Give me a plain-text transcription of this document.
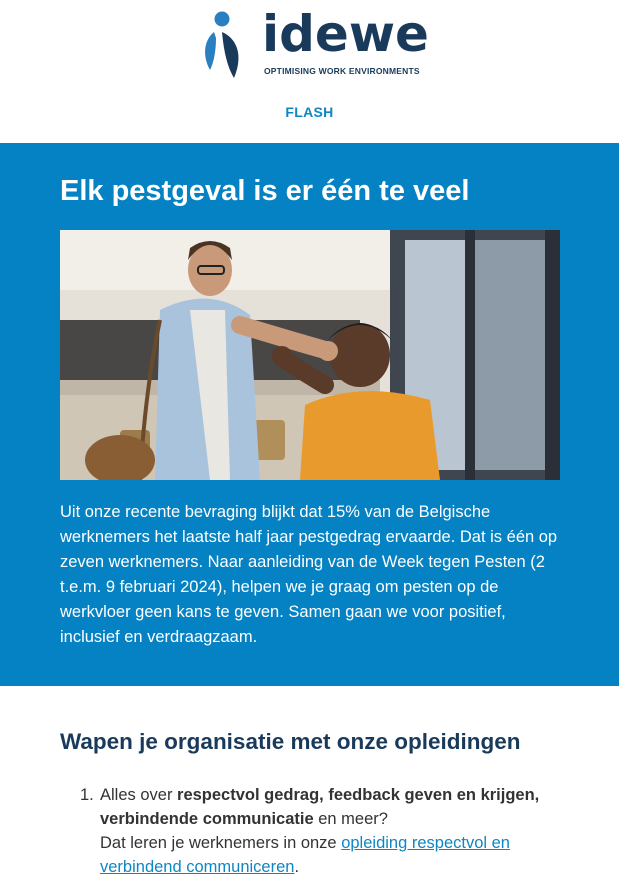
idewe
OPTIMISING WORK ENVIRONMENTS
FLASH
Elk pestgeval is er één te veel

Uit onze recente bevraging blijkt dat 15% van de Belgische werknemers het laatste half jaar pestgedrag ervaarde. Dat is één op zeven werknemers. Naar aanleiding van de Week tegen Pesten (2 t.e.m. 9 februari 2024), helpen we je graag om pesten op de werkvloer geen kans te geven. Samen gaan we voor positief, inclusief en verdraagzaam.

Wapen je organisatie met onze opleidingen
1. Alles over respectvol gedrag, feedback geven en krijgen, verbindende communicatie en meer?
Dat leren je werknemers in onze opleiding respectvol en verbindend communiceren.
